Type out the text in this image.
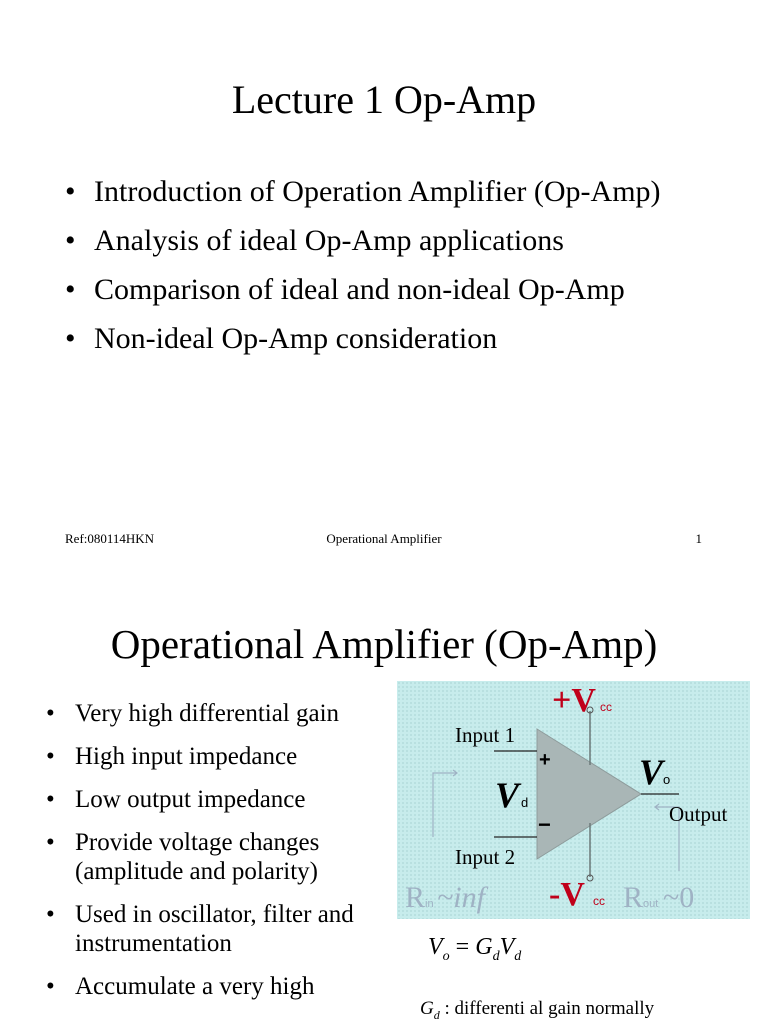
Lecture 1 Op-Amp
• Introduction of Operation Amplifier (Op-Amp)
• Analysis of ideal Op-Amp applications
• Comparison of ideal and non-ideal Op-Amp
• Non-ideal Op-Amp consideration
Ref:080114HKN	Operational Amplifier	1
Operational Amplifier (Op-Amp)
• Very high differential gain
• High input impedance
• Low output impedance
• Provide voltage changes (amplitude and polarity)
• Used in oscillator, filter and instrumentation
• Accumulate a very high
+V cc
-V cc
Input 1
Input 2
+
−
V d
V o
Output
R in ~inf	R out ~0
$V_o = G_dV_d$
$G_d$ : differenti al gain normally
